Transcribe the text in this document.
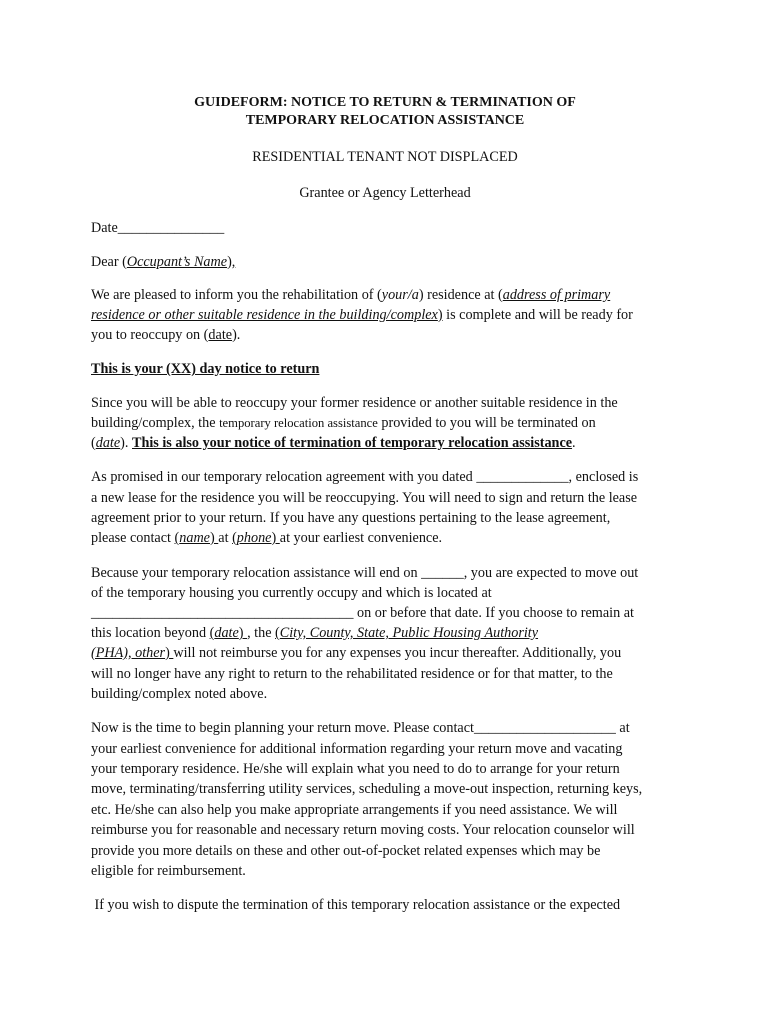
GUIDEFORM: NOTICE TO RETURN & TERMINATION OF
TEMPORARY RELOCATION ASSISTANCE
RESIDENTIAL TENANT NOT DISPLACED
Grantee or Agency Letterhead
Date_______________
Dear (Occupant’s Name),
We are pleased to inform you the rehabilitation of (your/a) residence at (address of primary
residence or other suitable residence in the building/complex) is complete and will be ready for
you to reoccupy on (date).
This is your (XX) day notice to return
Since you will be able to reoccupy your former residence or another suitable residence in the
building/complex, the temporary relocation assistance provided to you will be terminated on
(date). This is also your notice of termination of temporary relocation assistance.
As promised in our temporary relocation agreement with you dated _____________, enclosed is
a new lease for the residence you will be reoccupying. You will need to sign and return the lease
agreement prior to your return. If you have any questions pertaining to the lease agreement,
please contact (name) at (phone) at your earliest convenience.
Because your temporary relocation assistance will end on ______, you are expected to move out
of the temporary housing you currently occupy and which is located at
_____________________________________ on or before that date. If you choose to remain at
this location beyond (date) , the (City, County, State, Public Housing Authority
(PHA), other) will not reimburse you for any expenses you incur thereafter. Additionally, you
will no longer have any right to return to the rehabilitated residence or for that matter, to the
building/complex noted above.
Now is the time to begin planning your return move. Please contact____________________ at
your earliest convenience for additional information regarding your return move and vacating
your temporary residence. He/she will explain what you need to do to arrange for your return
move, terminating/transferring utility services, scheduling a move-out inspection, returning keys,
etc. He/she can also help you make appropriate arrangements if you need assistance. We will
reimburse you for reasonable and necessary return moving costs. Your relocation counselor will
provide you more details on these and other out-of-pocket related expenses which may be
eligible for reimbursement.
If you wish to dispute the termination of this temporary relocation assistance or the expected
